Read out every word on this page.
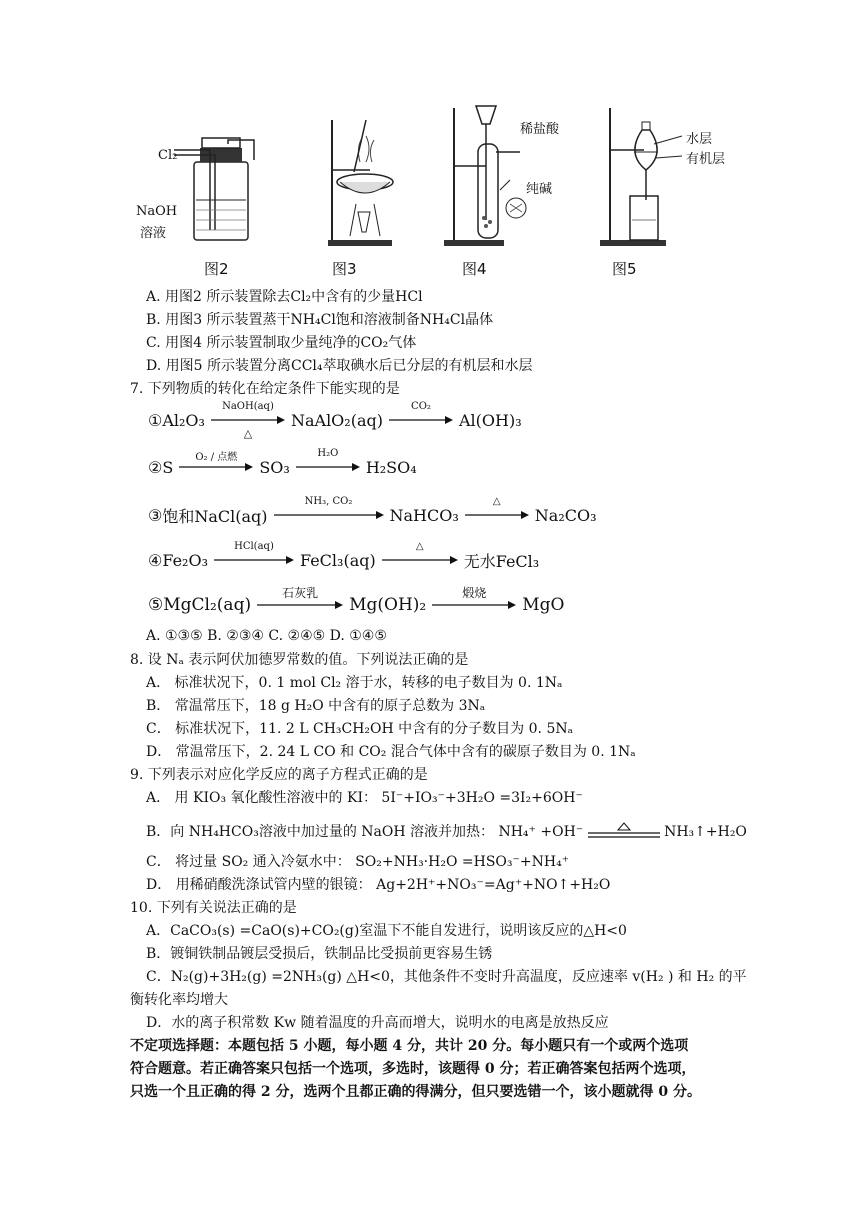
Cl₂
NaOH
溶液
图2	图3
稀盐酸
纯碱
图4
水层
有机层
图5
A. 用图2 所示装置除去Cl₂中含有的少量HCl
B. 用图3 所示装置蒸干NH₄Cl饱和溶液制备NH₄Cl晶体
C. 用图4 所示装置制取少量纯净的CO₂气体
D. 用图5 所示装置分离CCl₄萃取碘水后已分层的有机层和水层
7. 下列物质的转化在给定条件下能实现的是
① Al₂O₃
NaOH(aq)
△
NaAlO₂(aq)
CO₂
Al(OH)₃
② S	O₂ / 点燃	SO₃
H₂O
H₂SO₄
③ 饱和NaCl(aq)
NH₃, CO₂
NaHCO₃
△
Na₂CO₃
④ Fe₂O₃
HCl(aq)
FeCl₃(aq)
△
无水FeCl₃
⑤ MgCl₂(aq)
石灰乳
Mg(OH)₂
煅烧
MgO
A. ①③⑤ B. ②③④ C. ②④⑤ D. ①④⑤
8. 设 Nₐ 表示阿伏加德罗常数的值。下列说法正确的是
A． 标准状况下，0. 1 mol Cl₂ 溶于水，转移的电子数目为 0. 1Nₐ
B． 常温常压下，18 g H₂O 中含有的原子总数为 3Nₐ
C． 标准状况下，11. 2 L CH₃CH₂OH 中含有的分子数目为 0. 5Nₐ
D． 常温常压下，2. 24 L CO 和 CO₂ 混合气体中含有的碳原子数目为 0. 1Nₐ
9. 下列表示对应化学反应的离子方程式正确的是
A． 用 KIO₃ 氧化酸性溶液中的 KI： 5I⁻+IO₃⁻+3H₂O =3I₂+6OH⁻
B．向 NH₄HCO₃溶液中加过量的 NaOH 溶液并加热： NH₄⁺ +OH⁻	NH₃↑+H₂O
C． 将过量 SO₂ 通入冷氨水中： SO₂+NH₃·H₂O =HSO₃⁻+NH₄⁺
D． 用稀硝酸洗涤试管内壁的银镜： Ag+2H⁺+NO₃⁻=Ag⁺+NO↑+H₂O
10. 下列有关说法正确的是
A．CaCO₃(s) =CaO(s)+CO₂(g)室温下不能自发进行，说明该反应的△H<0
B．镀铜铁制品镀层受损后，铁制品比受损前更容易生锈
C．N₂(g)+3H₂(g) =2NH₃(g) △H<0，其他条件不变时升高温度，反应速率 v(H₂ ) 和 H₂ 的平
衡转化率均增大
D．水的离子积常数 Kw 随着温度的升高而增大，说明水的电离是放热反应
不定项选择题：本题包括 5 小题，每小题 4 分，共计 20 分。每小题只有一个或两个选项
符合题意。若正确答案只包括一个选项，多选时，该题得 0 分；若正确答案包括两个选项，
只选一个且正确的得 2 分，选两个且都正确的得满分，但只要选错一个，该小题就得 0 分。
